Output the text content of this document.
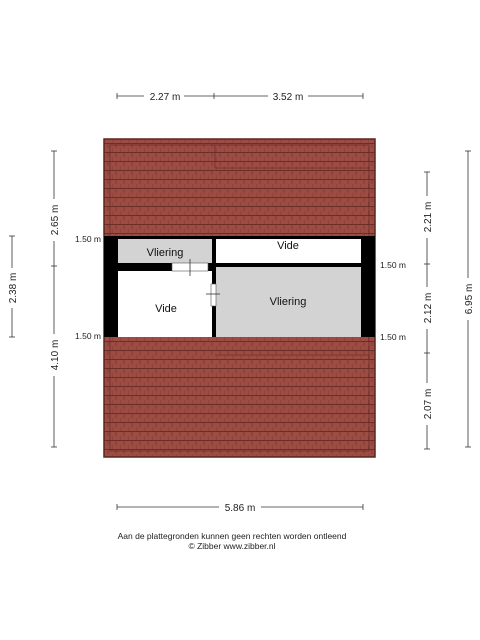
Vliering
Vide
Vide
Vliering
2.27 m	3.52 m
5.86 m
2.38 m
2.65 m
4.10 m
2.21 m
2.12 m
2.07 m
6.95 m
1.50 m
1.50 m
1.50 m
1.50 m
Aan de plattegronden kunnen geen rechten worden ontleend
© Zibber www.zibber.nl
